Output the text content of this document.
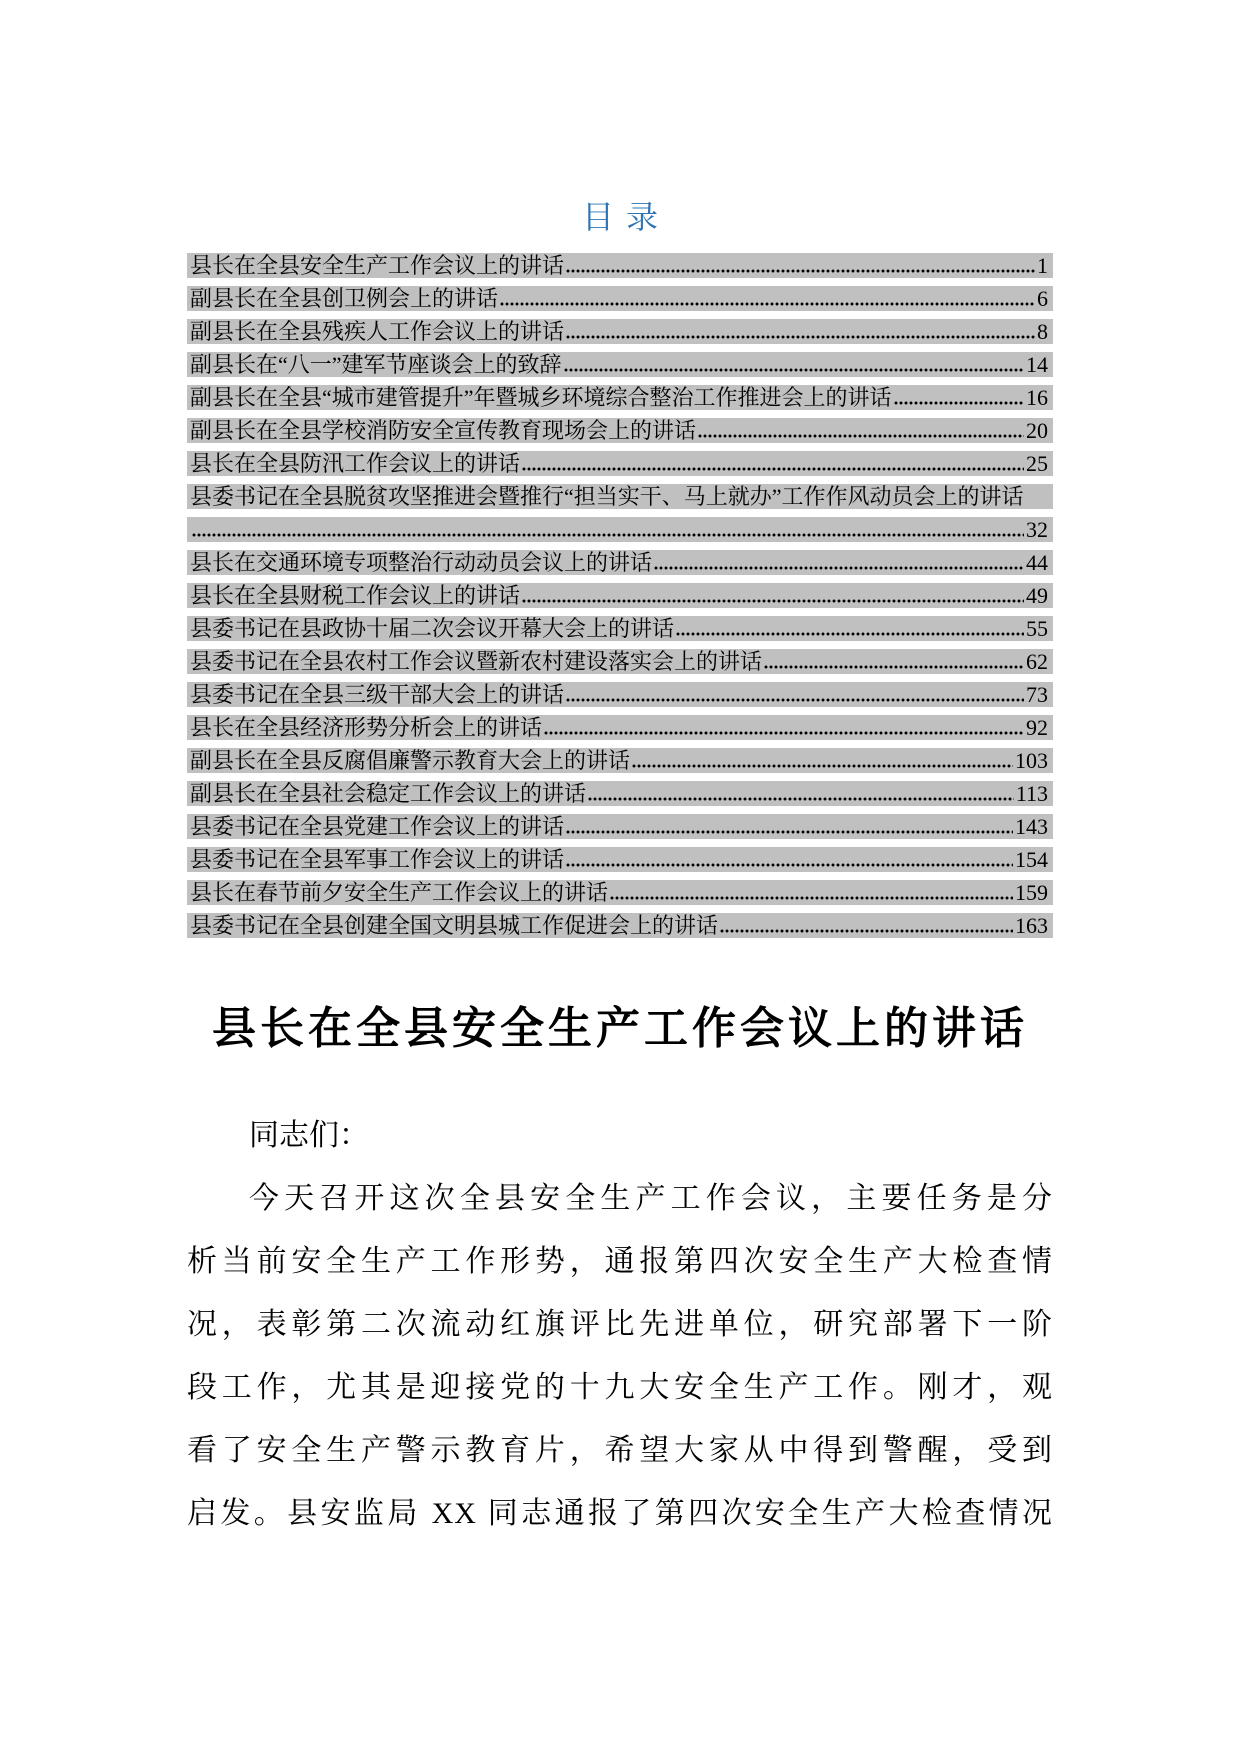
目录
县长在全县安全生产工作会议上的讲话	1
副县长在全县创卫例会上的讲话	6
副县长在全县残疾人工作会议上的讲话	8
副县长在“八一”建军节座谈会上的致辞	14
副县长在全县“城市建管提升”年暨城乡环境综合整治工作推进会上的讲话	16
副县长在全县学校消防安全宣传教育现场会上的讲话	20
县长在全县防汛工作会议上的讲话	25
县委书记在全县脱贫攻坚推进会暨推行“担当实干、马上就办”工作作风动员会上的讲话
32
县长在交通环境专项整治行动动员会议上的讲话	44
县长在全县财税工作会议上的讲话	49
县委书记在县政协十届二次会议开幕大会上的讲话	55
县委书记在全县农村工作会议暨新农村建设落实会上的讲话	62
县委书记在全县三级干部大会上的讲话	73
县长在全县经济形势分析会上的讲话	92
副县长在全县反腐倡廉警示教育大会上的讲话	103
副县长在全县社会稳定工作会议上的讲话	113
县委书记在全县党建工作会议上的讲话	143
县委书记在全县军事工作会议上的讲话	154
县长在春节前夕安全生产工作会议上的讲话	159
县委书记在全县创建全国文明县城工作促进会上的讲话	163
县长在全县安全生产工作会议上的讲话
同志们：
今天召开这次全县安全生产工作会议，主要任务是分
析当前安全生产工作形势，通报第四次安全生产大检查情
况，表彰第二次流动红旗评比先进单位，研究部署下一阶
段工作，尤其是迎接党的十九大安全生产工作。刚才，观
看了安全生产警示教育片，希望大家从中得到警醒，受到
启发。县安监局 XX 同志通报了第四次安全生产大检查情况
